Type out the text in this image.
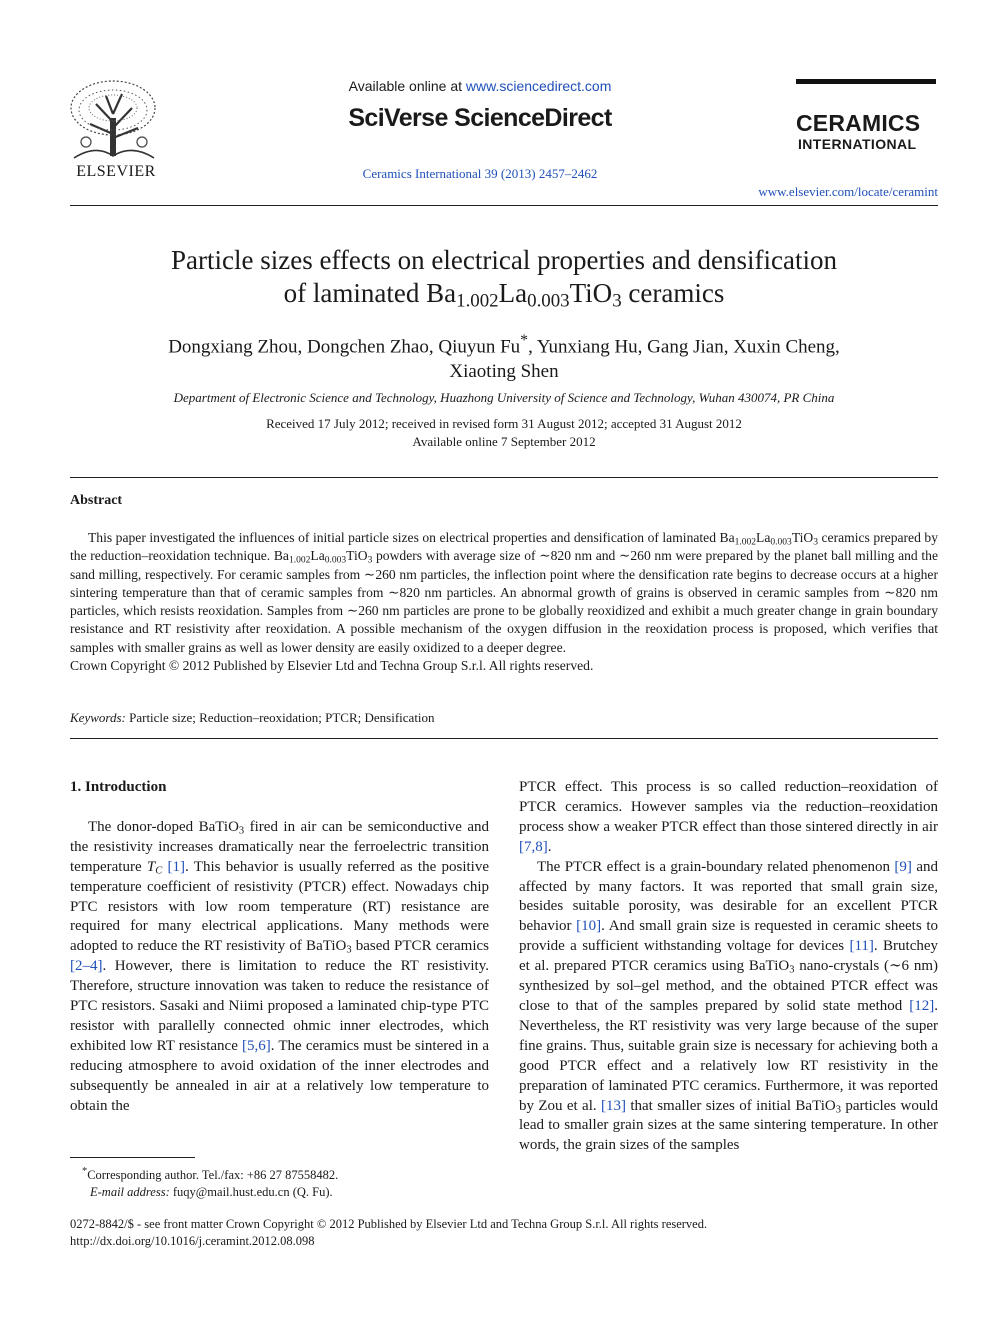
ELSEVIER
Available online at www.sciencedirect.com
SciVerse ScienceDirect
Ceramics International 39 (2013) 2457–2462
CERAMICS
INTERNATIONAL
www.elsevier.com/locate/ceramint
Particle sizes effects on electrical properties and densification
of laminated $Ba_{1.002}La_{0.003}TiO_3$ ceramics
Dongxiang Zhou, Dongchen Zhao, Qiuyun Fu*, Yunxiang Hu, Gang Jian, Xuxin Cheng,
Xiaoting Shen
Department of Electronic Science and Technology, Huazhong University of Science and Technology, Wuhan 430074, PR China
Received 17 July 2012; received in revised form 31 August 2012; accepted 31 August 2012
Available online 7 September 2012
Abstract

This paper investigated the influences of initial particle sizes on electrical properties and densification of laminated $Ba_{1.002}La_{0.003}TiO_3$ ceramics prepared by the reduction–reoxidation technique. $Ba_{1.002}La_{0.003}TiO_3$ powders with average size of ∼820 nm and ∼260 nm were prepared by the planet ball milling and the sand milling, respectively. For ceramic samples from ∼260 nm particles, the inflection point where the densification rate begins to decrease occurs at a higher sintering temperature than that of ceramic samples from ∼820 nm particles. An abnormal growth of grains is observed in ceramic samples from ∼820 nm particles, which resists reoxidation. Samples from ∼260 nm particles are prone to be globally reoxidized and exhibit a much greater change in grain boundary resistance and RT resistivity after reoxidation. A possible mechanism of the oxygen diffusion in the reoxidation process is proposed, which verifies that samples with smaller grains as well as lower density are easily oxidized to a deeper degree.

Crown Copyright © 2012 Published by Elsevier Ltd and Techna Group S.r.l. All rights reserved.

Keywords: Particle size; Reduction–reoxidation; PTCR; Densification

1. Introduction

The donor-doped BaTiO$_3$ fired in air can be semiconductive and the resistivity increases dramatically near the ferroelectric transition temperature $T_C$ [1]. This behavior is usually referred as the positive temperature coefficient of resistivity (PTCR) effect. Nowadays chip PTC resistors with low room temperature (RT) resistance are required for many electrical applications. Many methods were adopted to reduce the RT resistivity of BaTiO$_3$ based PTCR ceramics [2–4]. However, there is limitation to reduce the RT resistivity. Therefore, structure innovation was taken to reduce the resistance of PTC resistors. Sasaki and Niimi proposed a laminated chip-type PTC resistor with parallelly connected ohmic inner electrodes, which exhibited low RT resistance [5,6]. The ceramics must be sintered in a reducing atmosphere to avoid oxidation of the inner electrodes and subsequently be annealed in air at a relatively low temperature to obtain the

PTCR effect. This process is so called reduction–reoxidation of PTCR ceramics. However samples via the reduction–reoxidation process show a weaker PTCR effect than those sintered directly in air [7,8].

The PTCR effect is a grain-boundary related phenomenon [9] and affected by many factors. It was reported that small grain size, besides suitable porosity, was desirable for an excellent PTCR behavior [10]. And small grain size is requested in ceramic sheets to provide a sufficient withstanding voltage for devices [11]. Brutchey et al. prepared PTCR ceramics using BaTiO$_3$ nano-crystals (∼6 nm) synthesized by sol–gel method, and the obtained PTCR effect was close to that of the samples prepared by solid state method [12]. Nevertheless, the RT resistivity was very large because of the super fine grains. Thus, suitable grain size is necessary for achieving both a good PTCR effect and a relatively low RT resistivity in the preparation of laminated PTC ceramics. Furthermore, it was reported by Zou et al. [13] that smaller sizes of initial BaTiO$_3$ particles would lead to smaller grain sizes at the same sintering temperature. In other words, the grain sizes of the samples

*Corresponding author. Tel./fax: +86 27 87558482.
E-mail address: fuqy@mail.hust.edu.cn (Q. Fu).
0272-8842/$ - see front matter Crown Copyright © 2012 Published by Elsevier Ltd and Techna Group S.r.l. All rights reserved.
http://dx.doi.org/10.1016/j.ceramint.2012.08.098
